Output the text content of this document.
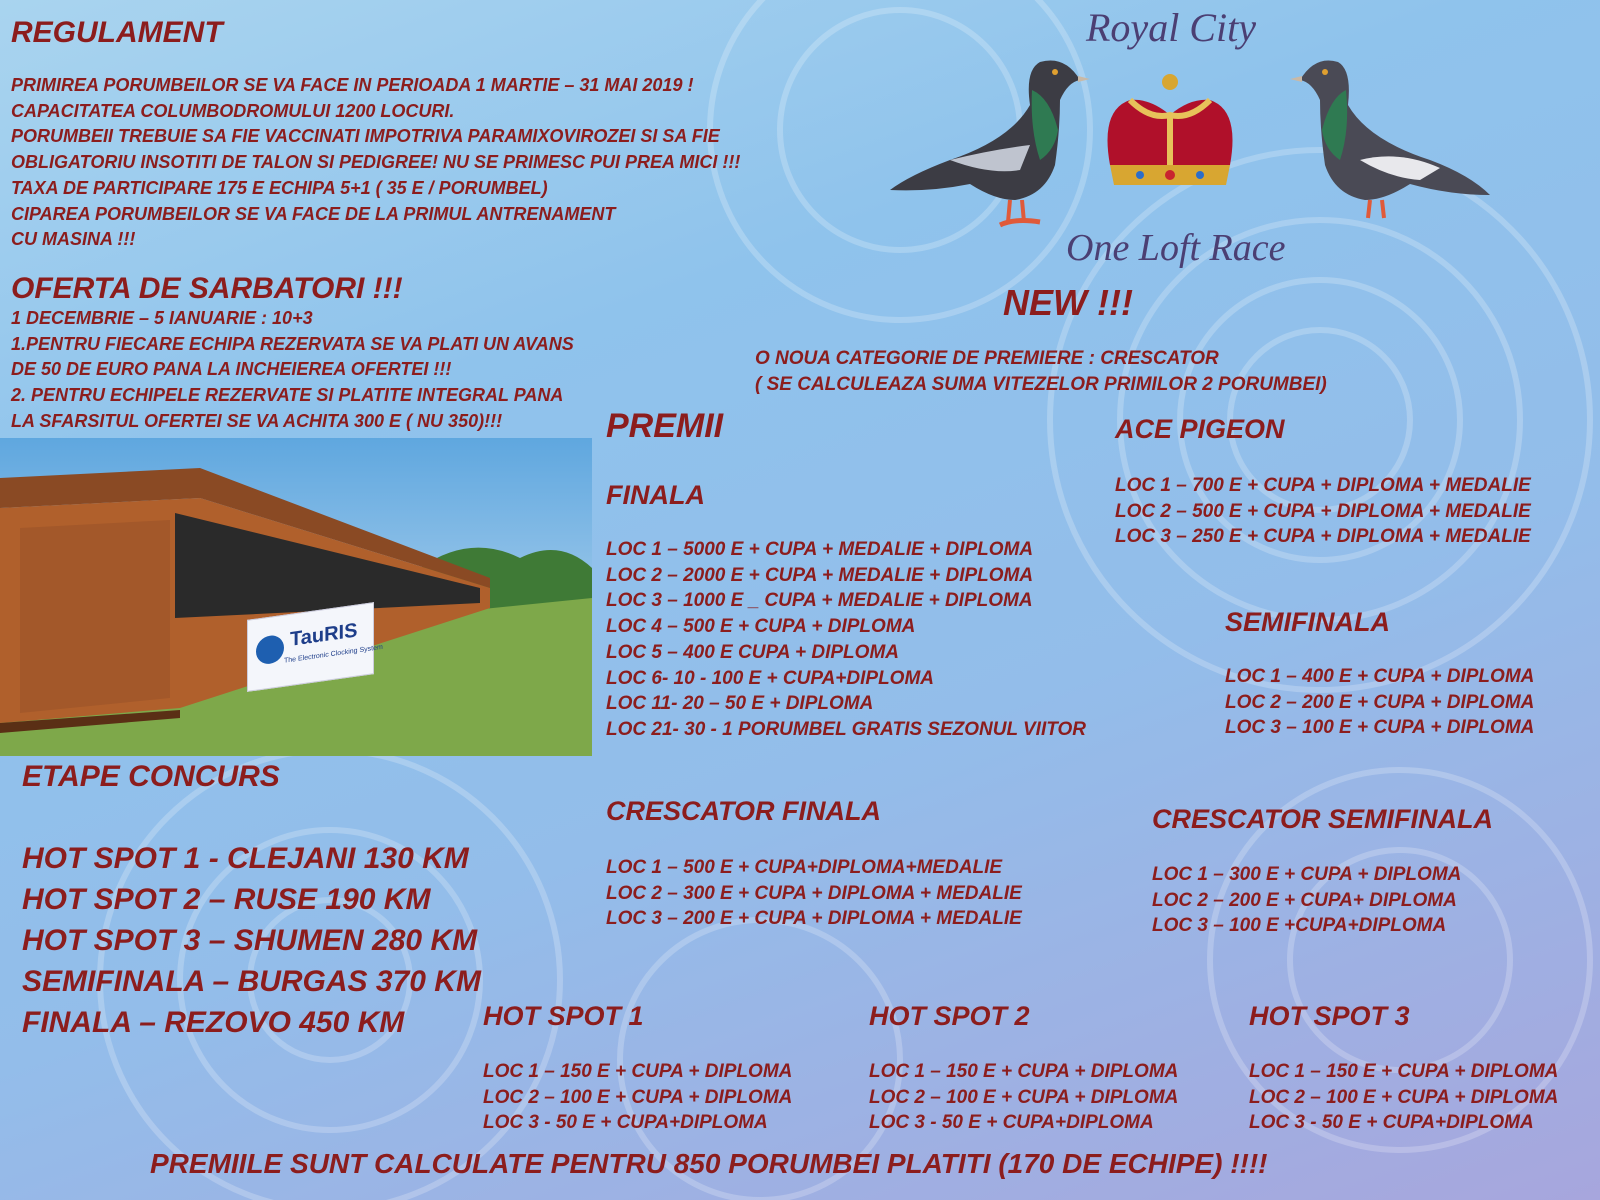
REGULAMENT
PRIMIREA PORUMBEILOR SE VA FACE IN PERIOADA 1 MARTIE – 31 MAI 2019 !
CAPACITATEA COLUMBODROMULUI 1200 LOCURI.
PORUMBEII TREBUIE SA FIE VACCINATI IMPOTRIVA PARAMIXOVIROZEI SI SA FIE
OBLIGATORIU INSOTITI DE TALON SI PEDIGREE! NU SE PRIMESC PUI PREA MICI !!!
TAXA DE PARTICIPARE 175 E ECHIPA 5+1 ( 35 E / PORUMBEL)
CIPAREA PORUMBEILOR SE VA FACE DE LA PRIMUL ANTRENAMENT
CU MASINA !!!
OFERTA DE SARBATORI !!!
1 DECEMBRIE – 5 IANUARIE : 10+3
1.PENTRU FIECARE ECHIPA REZERVATA SE VA PLATI UN AVANS
DE 50 DE EURO PANA LA INCHEIEREA OFERTEI !!!
2. PENTRU ECHIPELE REZERVATE SI PLATITE INTEGRAL PANA
LA SFARSITUL OFERTEI SE VA ACHITA 300 E ( NU 350)!!!
Royal City
One Loft Race
NEW !!!
O NOUA CATEGORIE DE PREMIERE : CRESCATOR
( SE CALCULEAZA SUMA VITEZELOR PRIMILOR 2 PORUMBEI)
TauRIS
The Electronic Clocking System
PREMII
FINALA
LOC 1 – 5000 E + CUPA + MEDALIE + DIPLOMA
LOC 2 – 2000 E + CUPA + MEDALIE + DIPLOMA
LOC 3 – 1000 E _ CUPA + MEDALIE + DIPLOMA
LOC 4 – 500 E + CUPA + DIPLOMA
LOC 5 – 400 E CUPA + DIPLOMA
LOC 6- 10 - 100 E + CUPA+DIPLOMA
LOC 11- 20 – 50 E + DIPLOMA
LOC 21- 30 - 1 PORUMBEL GRATIS SEZONUL VIITOR
ACE PIGEON
LOC 1 – 700 E + CUPA + DIPLOMA + MEDALIE
LOC 2 – 500 E + CUPA + DIPLOMA + MEDALIE
LOC 3 – 250 E + CUPA + DIPLOMA + MEDALIE
SEMIFINALA
LOC 1 – 400 E + CUPA + DIPLOMA
LOC 2 – 200 E + CUPA + DIPLOMA
LOC 3 – 100 E + CUPA + DIPLOMA
ETAPE CONCURS
HOT SPOT 1 - CLEJANI 130 KM
HOT SPOT 2 – RUSE 190 KM
HOT SPOT 3 – SHUMEN 280 KM
SEMIFINALA – BURGAS 370 KM
FINALA – REZOVO 450 KM
CRESCATOR FINALA
LOC 1 – 500 E + CUPA+DIPLOMA+MEDALIE
LOC 2 – 300 E + CUPA + DIPLOMA + MEDALIE
LOC 3 – 200 E + CUPA + DIPLOMA + MEDALIE
CRESCATOR SEMIFINALA
LOC 1 – 300 E + CUPA + DIPLOMA
LOC 2 – 200 E + CUPA+ DIPLOMA
LOC 3 – 100 E +CUPA+DIPLOMA
HOT SPOT 1
LOC 1 – 150 E + CUPA + DIPLOMA
LOC 2 – 100 E + CUPA + DIPLOMA
LOC 3 - 50 E + CUPA+DIPLOMA
HOT SPOT 2
LOC 1 – 150 E + CUPA + DIPLOMA
LOC 2 – 100 E + CUPA + DIPLOMA
LOC 3 - 50 E + CUPA+DIPLOMA
HOT SPOT 3
LOC 1 – 150 E + CUPA + DIPLOMA
LOC 2 – 100 E + CUPA + DIPLOMA
LOC 3 - 50 E + CUPA+DIPLOMA
PREMIILE SUNT CALCULATE PENTRU 850 PORUMBEI PLATITI (170 DE ECHIPE) !!!!
